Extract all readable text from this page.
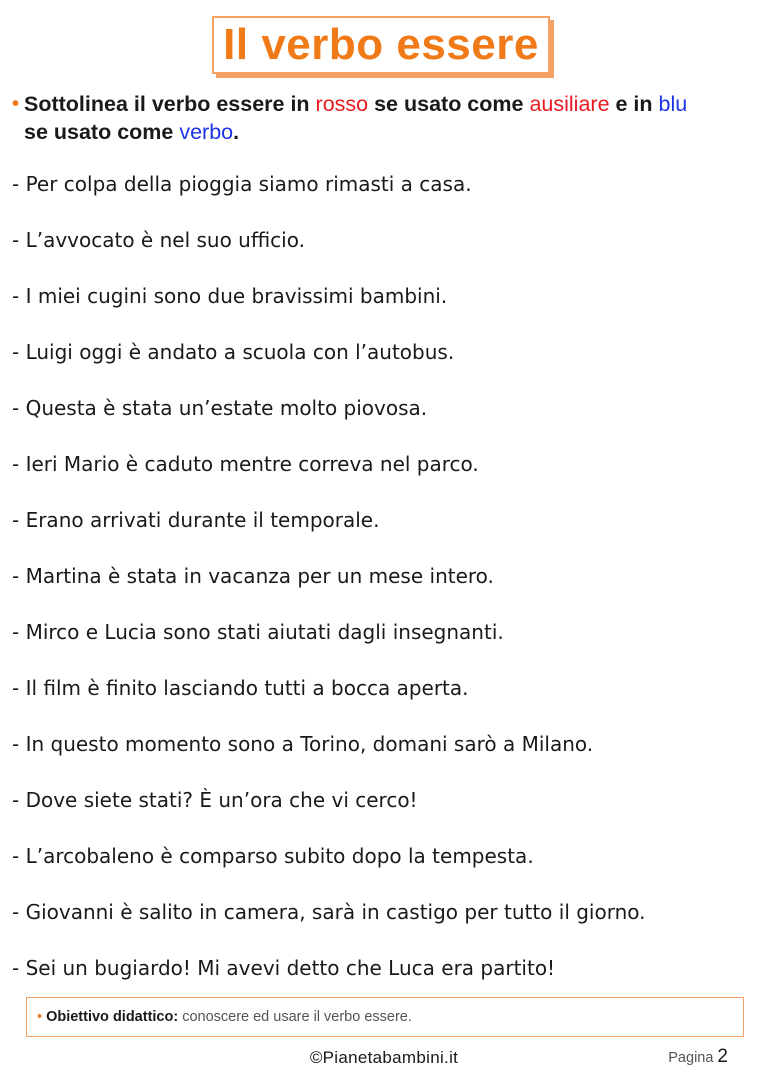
Il verbo essere
• Sottolinea il verbo essere in rosso se usato come ausiliare e in blu
se usato come verbo.
- Per colpa della pioggia siamo rimasti a casa.
- L’avvocato è nel suo ufficio.
- I miei cugini sono due bravissimi bambini.
- Luigi oggi è andato a scuola con l’autobus.
- Questa è stata un’estate molto piovosa.
- Ieri Mario è caduto mentre correva nel parco.
- Erano arrivati durante il temporale.
- Martina è stata in vacanza per un mese intero.
- Mirco e Lucia sono stati aiutati dagli insegnanti.
- Il film è finito lasciando tutti a bocca aperta.
- In questo momento sono a Torino, domani sarò a Milano.
- Dove siete stati? È un’ora che vi cerco!
- L’arcobaleno è comparso subito dopo la tempesta.
- Giovanni è salito in camera, sarà in castigo per tutto il giorno.
- Sei un bugiardo! Mi avevi detto che Luca era partito!
• Obiettivo didattico: conoscere ed usare il verbo essere.
©Pianetabambini.it	Pagina 2
